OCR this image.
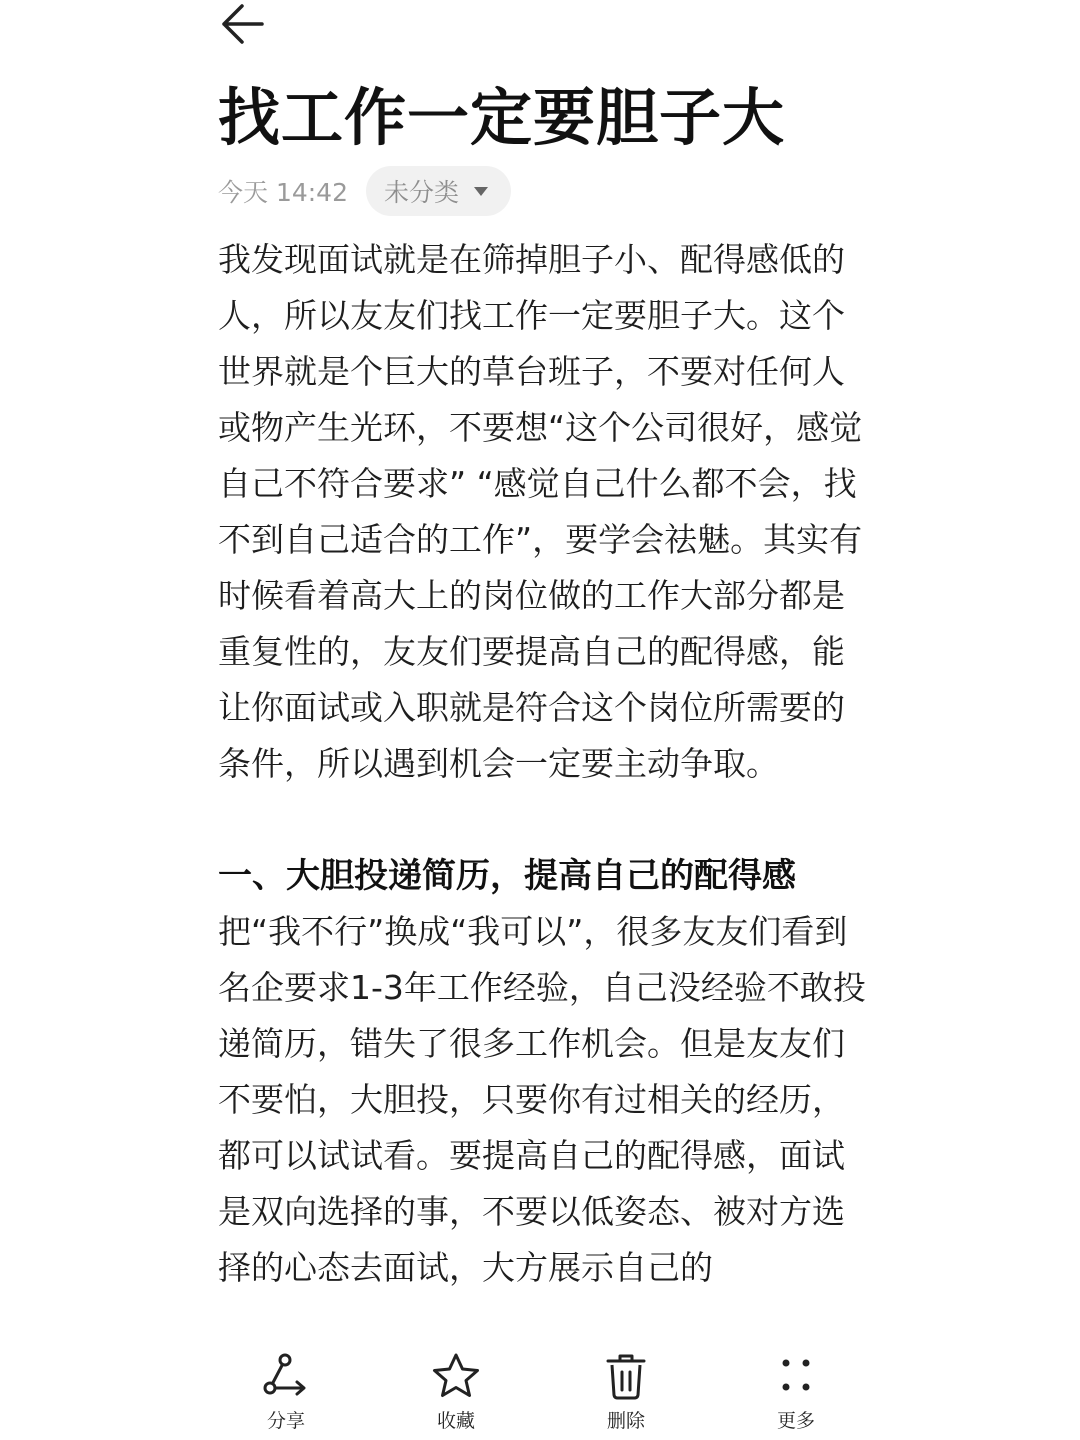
找工作一定要胆子大
今天 14:42 未分类

我发现面试就是在筛掉胆子小、配得感低的人，所以友友们找工作一定要胆子大。这个世界就是个巨大的草台班子，不要对任何人或物产生光环，不要想“这个公司很好，感觉自己不符合要求” “感觉自己什么都不会，找不到自己适合的工作”，要学会祛魅。其实有时候看着高大上的岗位做的工作大部分都是重复性的，友友们要提高自己的配得感，能让你面试或入职就是符合这个岗位所需要的条件，所以遇到机会一定要主动争取。

一、大胆投递简历，提高自己的配得感

把“我不行”换成“我可以”，很多友友们看到名企要求1-3年工作经验，自己没经验不敢投递简历，错失了很多工作机会。但是友友们不要怕，大胆投，只要你有过相关的经历，都可以试试看。要提高自己的配得感，面试是双向选择的事，不要以低姿态、被对方选择的心态去面试，大方展示自己的

分享	收藏	删除	更多
